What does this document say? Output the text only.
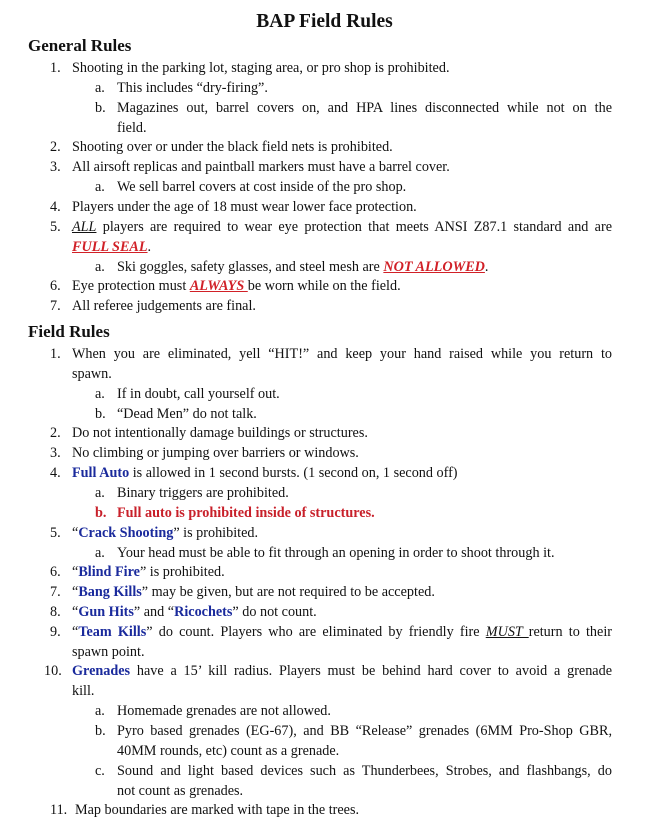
BAP Field Rules
General Rules
1. Shooting in the parking lot, staging area, or pro shop is prohibited.
a. This includes “dry-firing”.
b. Magazines out, barrel covers on, and HPA lines disconnected while not on the
field.
2. Shooting over or under the black field nets is prohibited.
3. All airsoft replicas and paintball markers must have a barrel cover.
a. We sell barrel covers at cost inside of the pro shop.
4. Players under the age of 18 must wear lower face protection.
5. ALL players are required to wear eye protection that meets ANSI Z87.1 standard and are
FULL SEAL.
a. Ski goggles, safety glasses, and steel mesh are NOT ALLOWED.
6. Eye protection must ALWAYS be worn while on the field.
7. All referee judgements are final.
Field Rules
1. When you are eliminated, yell “HIT!” and keep your hand raised while you return to
spawn.
a. If in doubt, call yourself out.
b. “Dead Men” do not talk.
2. Do not intentionally damage buildings or structures.
3. No climbing or jumping over barriers or windows.
4. Full Auto is allowed in 1 second bursts. (1 second on, 1 second off)
a. Binary triggers are prohibited.
b. Full auto is prohibited inside of structures.
5. “Crack Shooting” is prohibited.
a. Your head must be able to fit through an opening in order to shoot through it.
6. “Blind Fire” is prohibited.
7. “Bang Kills” may be given, but are not required to be accepted.
8. “Gun Hits” and “Ricochets” do not count.
9. “Team Kills” do count. Players who are eliminated by friendly fire MUST return to their
spawn point.
10. Grenades have a 15’ kill radius. Players must be behind hard cover to avoid a grenade
kill.
a. Homemade grenades are not allowed.
b. Pyro based grenades (EG-67), and BB “Release” grenades (6MM Pro-Shop GBR,
40MM rounds, etc) count as a grenade.
c. Sound and light based devices such as Thunderbees, Strobes, and flashbangs, do
not count as grenades.
11. Map boundaries are marked with tape in the trees.
